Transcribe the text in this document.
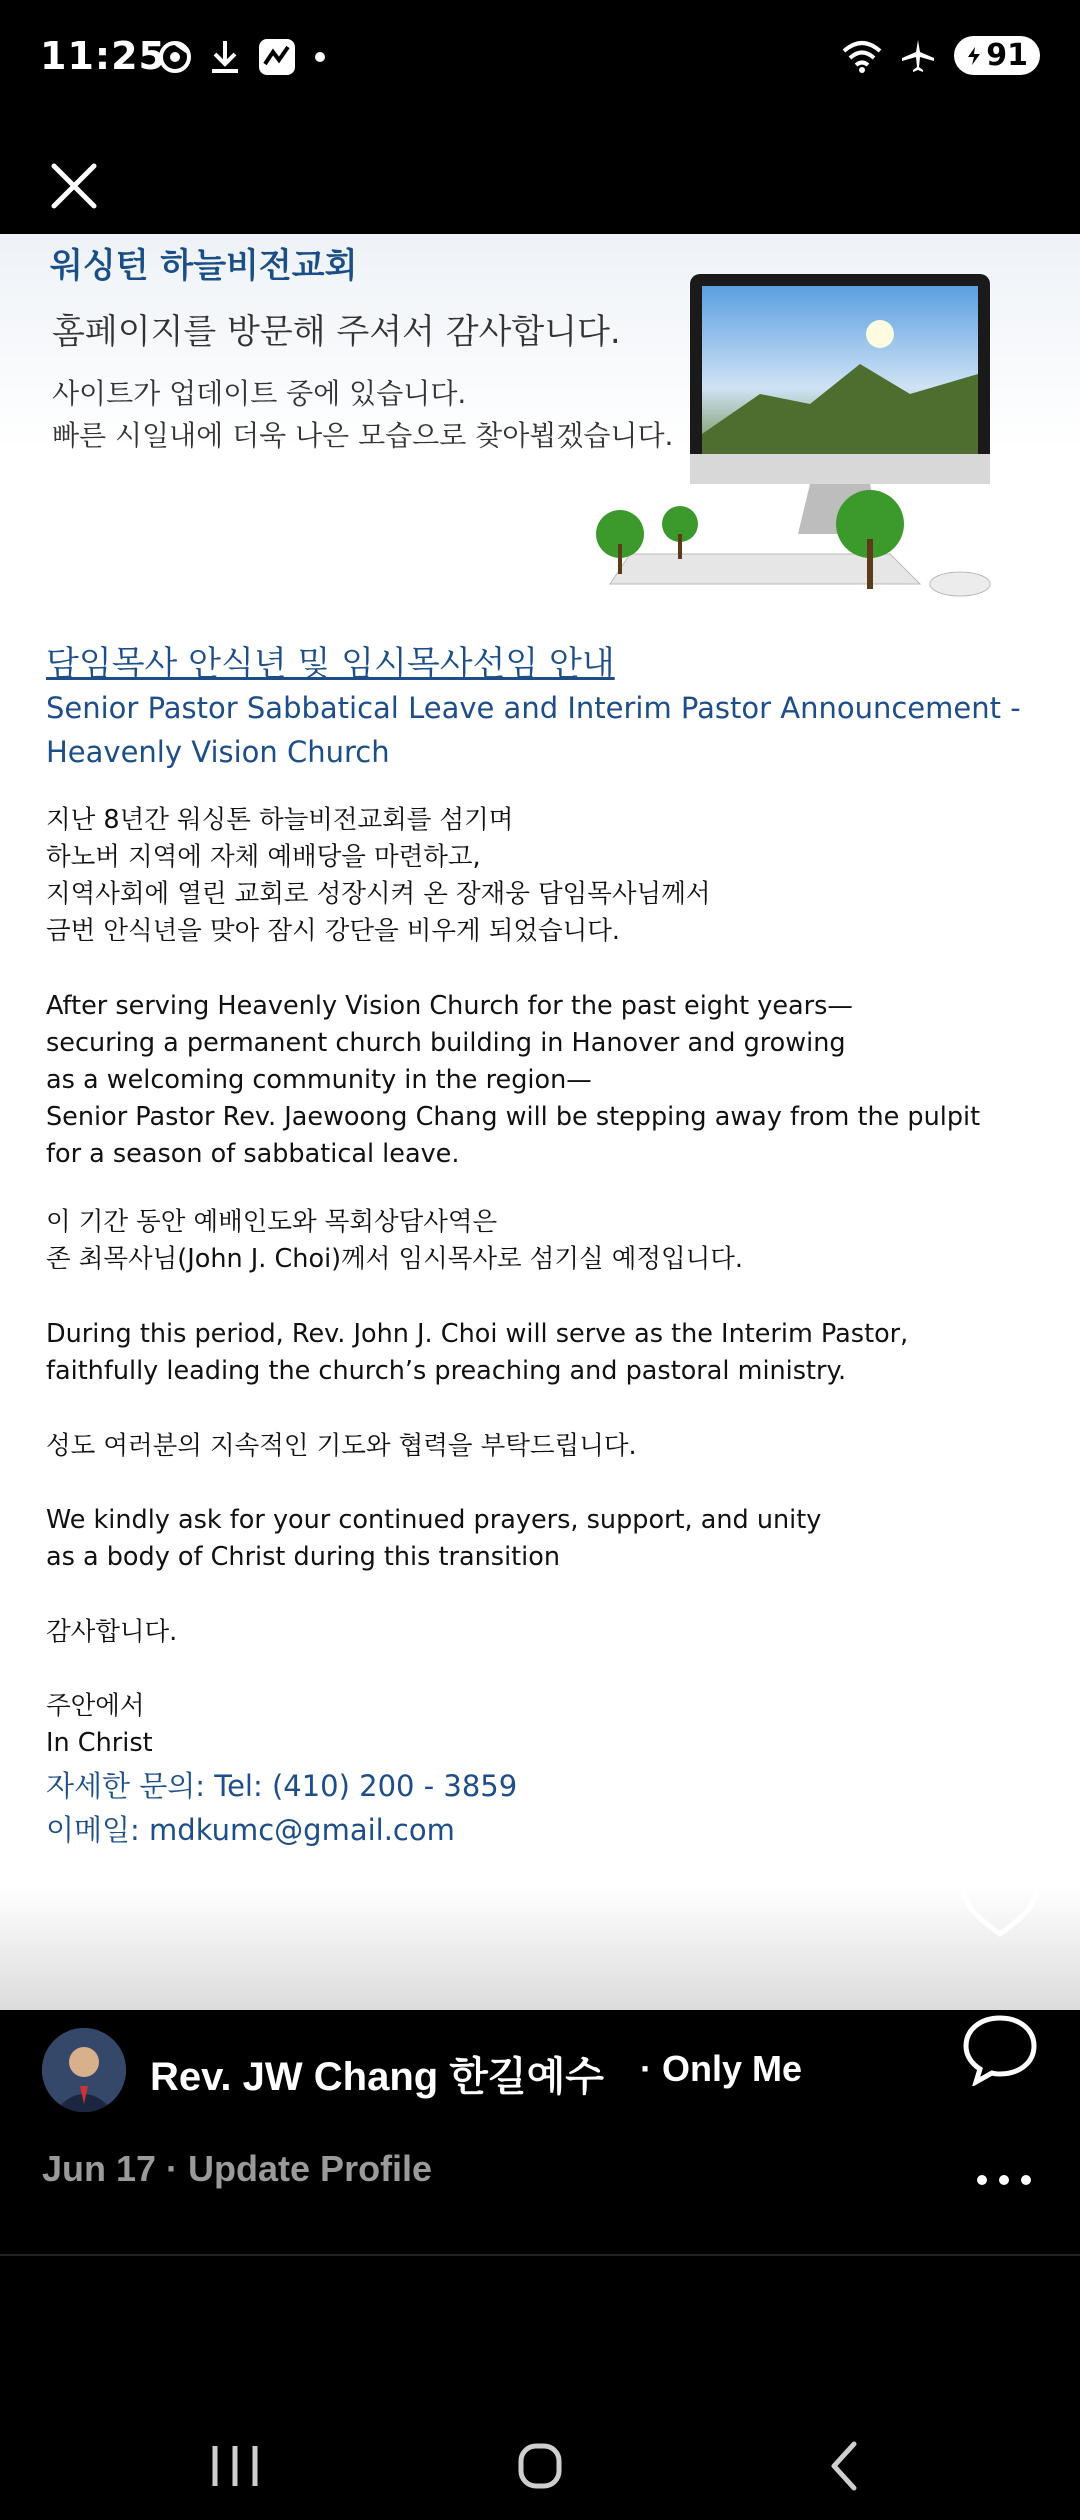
11:25	91
워싱턴 하늘비전교회
홈페이지를 방문해 주셔서 감사합니다.
사이트가 업데이트 중에 있습니다.
빠른 시일내에 더욱 나은 모습으로 찾아뵙겠습니다.
담임목사 안식년 및 임시목사선임 안내
Senior Pastor Sabbatical Leave and Interim Pastor Announcement -
Heavenly Vision Church
지난 8년간 워싱톤 하늘비전교회를 섬기며
하노버 지역에 자체 예배당을 마련하고,
지역사회에 열린 교회로 성장시켜 온 장재웅 담임목사님께서
금번 안식년을 맞아 잠시 강단을 비우게 되었습니다.
After serving Heavenly Vision Church for the past eight years—
securing a permanent church building in Hanover and growing
as a welcoming community in the region—
Senior Pastor Rev. Jaewoong Chang will be stepping away from the pulpit
for a season of sabbatical leave.
이 기간 동안 예배인도와 목회상담사역은
존 최목사님(John J. Choi)께서 임시목사로 섬기실 예정입니다.
During this period, Rev. John J. Choi will serve as the Interim Pastor,
faithfully leading the church’s preaching and pastoral ministry.
성도 여러분의 지속적인 기도와 협력을 부탁드립니다.
We kindly ask for your continued prayers, support, and unity
as a body of Christ during this transition
감사합니다.
주안에서
In Christ
자세한 문의: Tel: (410) 200 - 3859
이메일: mdkumc@gmail.com
Rev. JW Chang 한길예수 · Only Me
Jun 17 · Update Profile
